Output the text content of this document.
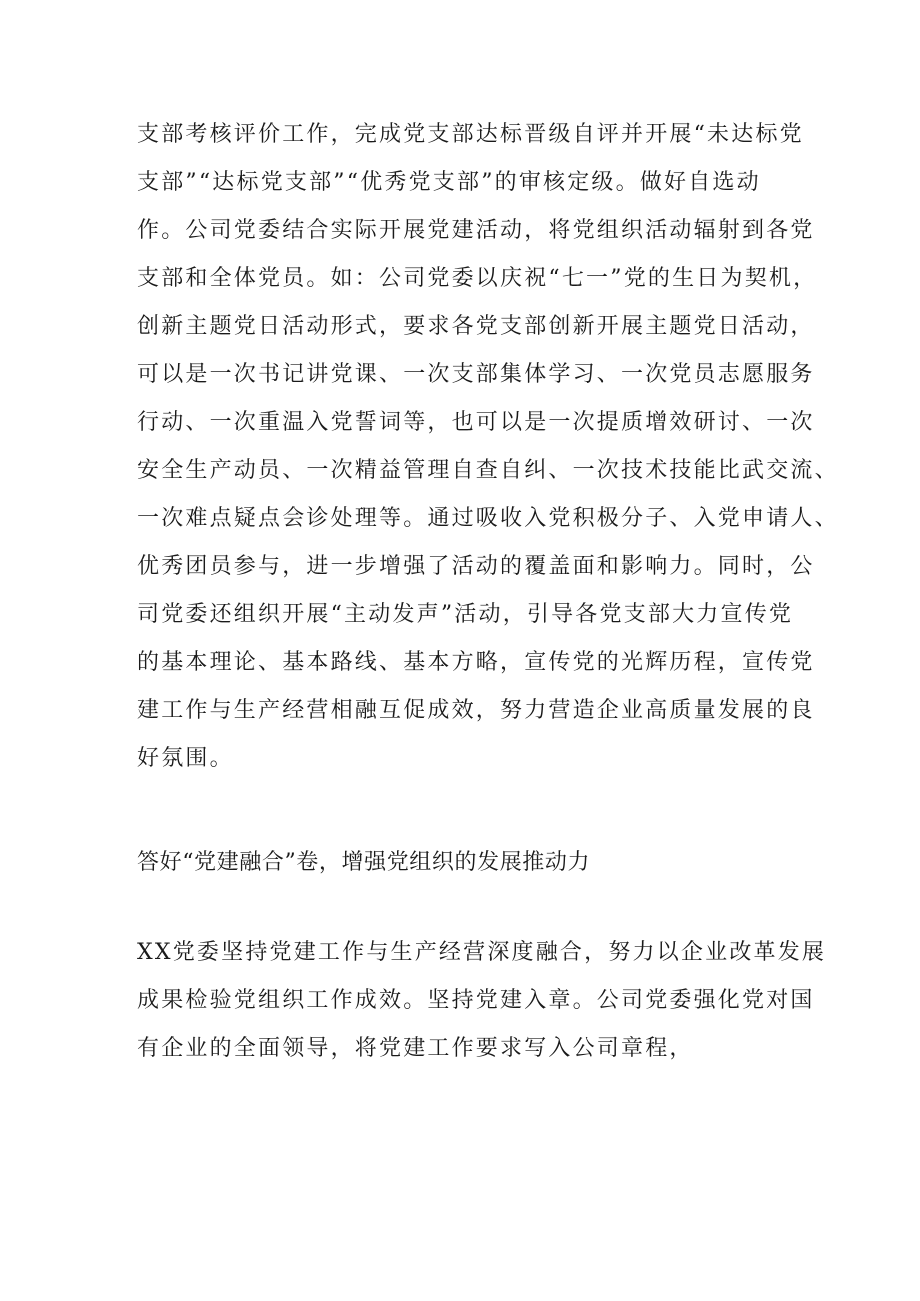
支部考核评价工作，完成党支部达标晋级自评并开展“未达标党
支部”“达标党支部”“优秀党支部”的审核定级。做好自选动
作。公司党委结合实际开展党建活动，将党组织活动辐射到各党
支部和全体党员。如：公司党委以庆祝“七一”党的生日为契机，
创新主题党日活动形式，要求各党支部创新开展主题党日活动，
可以是一次书记讲党课、一次支部集体学习、一次党员志愿服务
行动、一次重温入党誓词等，也可以是一次提质增效研讨、一次
安全生产动员、一次精益管理自查自纠、一次技术技能比武交流、
一次难点疑点会诊处理等。通过吸收入党积极分子、入党申请人、
优秀团员参与，进一步增强了活动的覆盖面和影响力。同时，公
司党委还组织开展“主动发声”活动，引导各党支部大力宣传党
的基本理论、基本路线、基本方略，宣传党的光辉历程，宣传党
建工作与生产经营相融互促成效，努力营造企业高质量发展的良
好氛围。
答好“党建融合”卷，增强党组织的发展推动力
XX党委坚持党建工作与生产经营深度融合，努力以企业改革发展
成果检验党组织工作成效。坚持党建入章。公司党委强化党对国
有企业的全面领导，将党建工作要求写入公司章程，
